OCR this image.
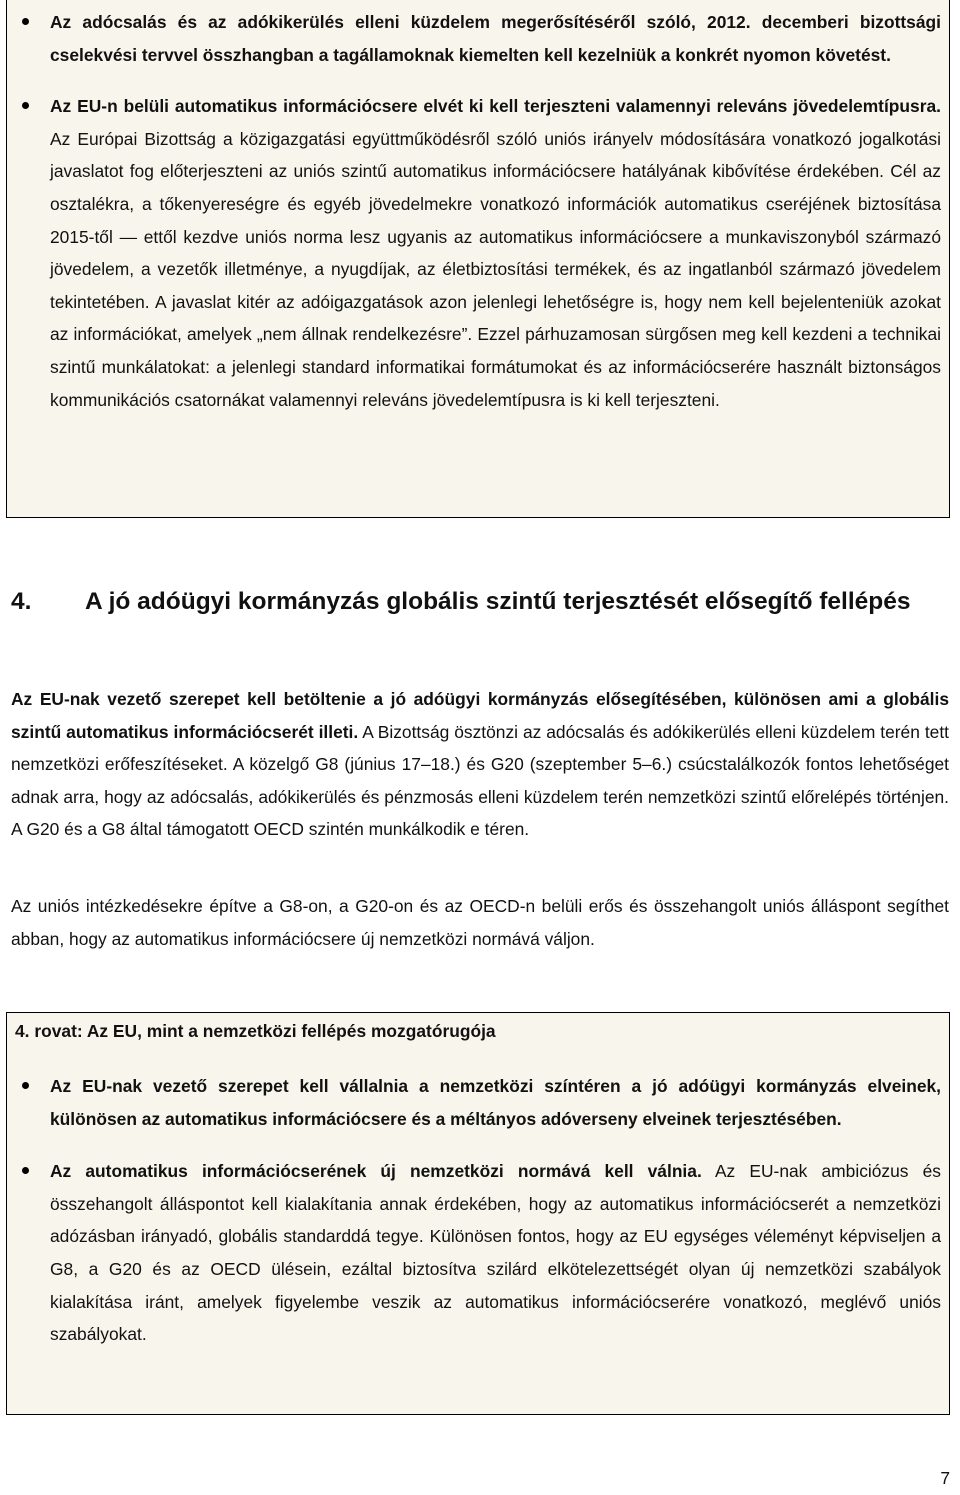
Az adócsalás és az adókikerülés elleni küzdelem megerősítéséről szóló, 2012. decemberi bizottsági cselekvési tervvel összhangban a tagállamoknak kiemelten kell kezelniük a konkrét nyomon követést.
Az EU-n belüli automatikus információcsere elvét ki kell terjeszteni valamennyi releváns jövedelemtípusra. Az Európai Bizottság a közigazgatási együttműködésről szóló uniós irányelv módosítására vonatkozó jogalkotási javaslatot fog előterjeszteni az uniós szintű automatikus információcsere hatályának kibővítése érdekében. Cél az osztalékra, a tőkenyereségre és egyéb jövedelmekre vonatkozó információk automatikus cseréjének biztosítása 2015-től ― ettől kezdve uniós norma lesz ugyanis az automatikus információcsere a munkaviszonyból származó jövedelem, a vezetők illetménye, a nyugdíjak, az életbiztosítási termékek, és az ingatlanból származó jövedelem tekintetében. A javaslat kitér az adóigazgatások azon jelenlegi lehetőségre is, hogy nem kell bejelenteniük azokat az információkat, amelyek „nem állnak rendelkezésre”. Ezzel párhuzamosan sürgősen meg kell kezdeni a technikai szintű munkálatokat: a jelenlegi standard informatikai formátumokat és az információcserére használt biztonságos kommunikációs csatornákat valamennyi releváns jövedelemtípusra is ki kell terjeszteni.
4. A jó adóügyi kormányzás globális szintű terjesztését elősegítő fellépés

Az EU-nak vezető szerepet kell betöltenie a jó adóügyi kormányzás elősegítésében, különösen ami a globális szintű automatikus információcserét illeti. A Bizottság ösztönzi az adócsalás és adókikerülés elleni küzdelem terén tett nemzetközi erőfeszítéseket. A közelgő G8 (június 17–18.) és G20 (szeptember 5–6.) csúcstalálkozók fontos lehetőséget adnak arra, hogy az adócsalás, adókikerülés és pénzmosás elleni küzdelem terén nemzetközi szintű előrelépés történjen. A G20 és a G8 által támogatott OECD szintén munkálkodik e téren.

Az uniós intézkedésekre építve a G8-on, a G20-on és az OECD-n belüli erős és összehangolt uniós álláspont segíthet abban, hogy az automatikus információcsere új nemzetközi normává váljon.

4. rovat: Az EU, mint a nemzetközi fellépés mozgatórugója
Az EU-nak vezető szerepet kell vállalnia a nemzetközi színtéren a jó adóügyi kormányzás elveinek, különösen az automatikus információcsere és a méltányos adóverseny elveinek terjesztésében.
Az automatikus információcserének új nemzetközi normává kell válnia. Az EU-nak ambiciózus és összehangolt álláspontot kell kialakítania annak érdekében, hogy az automatikus információcserét a nemzetközi adózásban irányadó, globális standarddá tegye. Különösen fontos, hogy az EU egységes véleményt képviseljen a G8, a G20 és az OECD ülésein, ezáltal biztosítva szilárd elkötelezettségét olyan új nemzetközi szabályok kialakítása iránt, amelyek figyelembe veszik az automatikus információcserére vonatkozó, meglévő uniós szabályokat.
7
